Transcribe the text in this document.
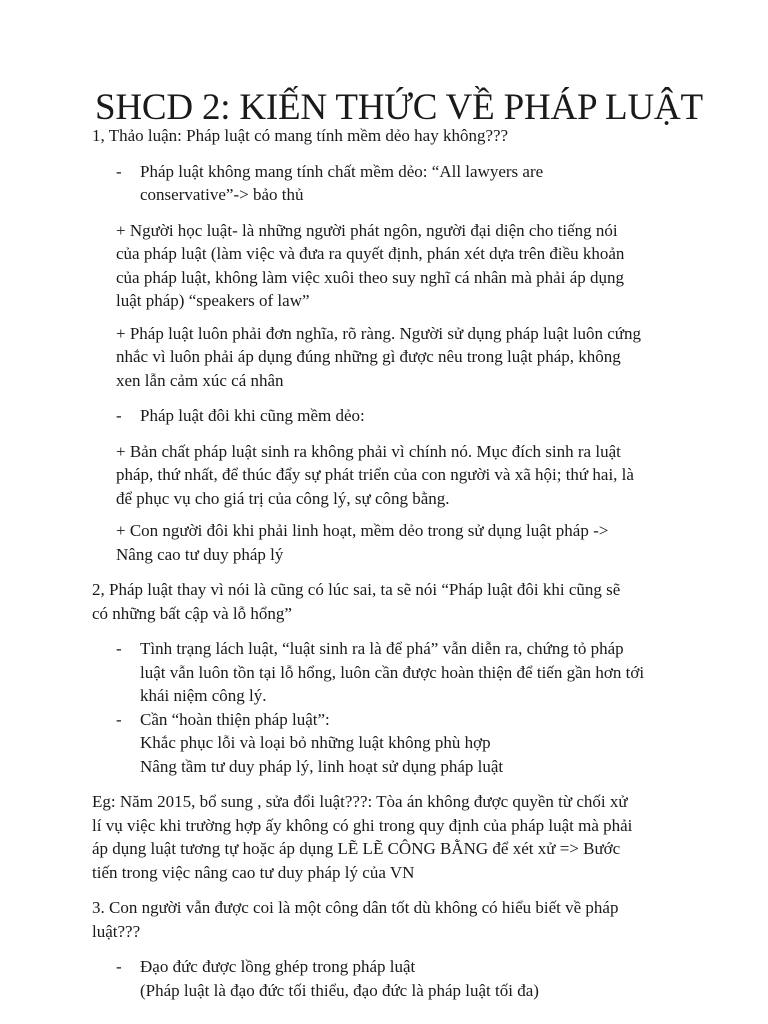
SHCD 2: KIẾN THỨC VỀ PHÁP LUẬT

1, Thảo luận: Pháp luật có mang tính mềm dẻo hay không???

- Pháp luật không mang tính chất mềm dẻo: “All lawyers are
conservative”-> bảo thủ
+ Người học luật- là những người phát ngôn, người đại diện cho tiếng nói
của pháp luật (làm việc và đưa ra quyết định, phán xét dựa trên điều khoản
của pháp luật, không làm việc xuôi theo suy nghĩ cá nhân mà phải áp dụng
luật pháp) “speakers of law”
+ Pháp luật luôn phải đơn nghĩa, rõ ràng. Người sử dụng pháp luật luôn cứng
nhắc vì luôn phải áp dụng đúng những gì được nêu trong luật pháp, không
xen lẫn cảm xúc cá nhân
- Pháp luật đôi khi cũng mềm dẻo:
+ Bản chất pháp luật sinh ra không phải vì chính nó. Mục đích sinh ra luật
pháp, thứ nhất, để thúc đẩy sự phát triển của con người và xã hội; thứ hai, là
để phục vụ cho giá trị của công lý, sự công bằng.
+ Con người đôi khi phải linh hoạt, mềm dẻo trong sử dụng luật pháp ->
Nâng cao tư duy pháp lý
2, Pháp luật thay vì nói là cũng có lúc sai, ta sẽ nói “Pháp luật đôi khi cũng sẽ
có những bất cập và lỗ hổng”
- Tình trạng lách luật, “luật sinh ra là để phá” vẫn diễn ra, chứng tỏ pháp
luật vẫn luôn tồn tại lỗ hổng, luôn cần được hoàn thiện để tiến gần hơn tới
khái niệm công lý.
- Cần “hoàn thiện pháp luật”:
Khắc phục lỗi và loại bỏ những luật không phù hợp
Nâng tầm tư duy pháp lý, linh hoạt sử dụng pháp luật
Eg: Năm 2015, bổ sung , sửa đổi luật???: Tòa án không được quyền từ chối xử
lí vụ việc khi trường hợp ấy không có ghi trong quy định của pháp luật mà phải
áp dụng luật tương tự hoặc áp dụng LẼ LẼ CÔNG BẰNG để xét xử => Bước
tiến trong việc nâng cao tư duy pháp lý của VN
3. Con người vẫn được coi là một công dân tốt dù không có hiểu biết về pháp
luật???
- Đạo đức được lồng ghép trong pháp luật
(Pháp luật là đạo đức tối thiểu, đạo đức là pháp luật tối đa)
